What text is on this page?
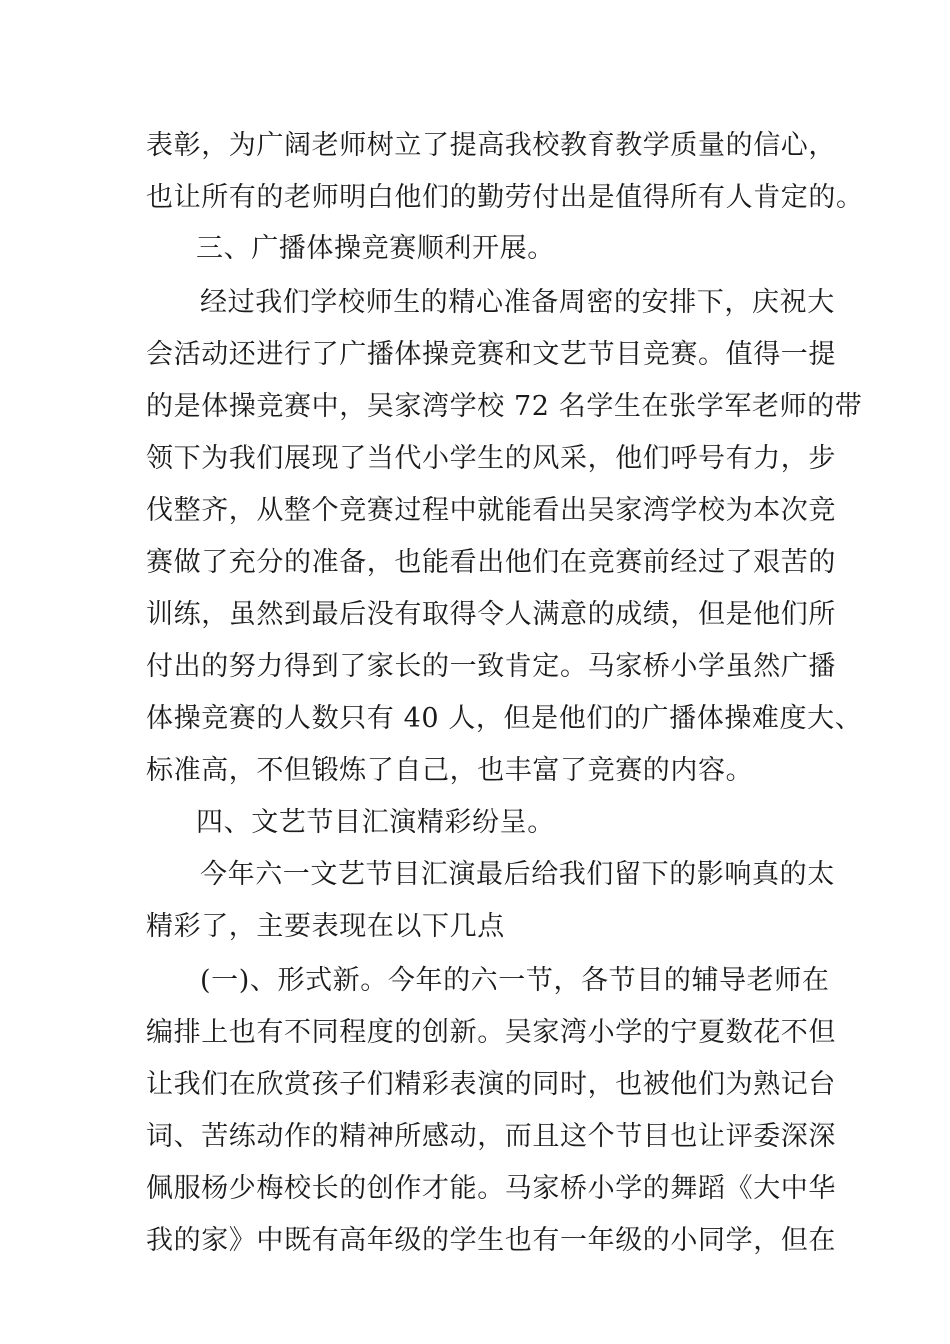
表彰，为广阔老师树立了提高我校教育教学质量的信心，

也让所有的老师明白他们的勤劳付出是值得所有人肯定的。

三、广播体操竞赛顺利开展。

经过我们学校师生的精心准备周密的安排下，庆祝大

会活动还进行了广播体操竞赛和文艺节目竞赛。值得一提

的是体操竞赛中，吴家湾学校 72 名学生在张学军老师的带

领下为我们展现了当代小学生的风采，他们呼号有力，步

伐整齐，从整个竞赛过程中就能看出吴家湾学校为本次竞

赛做了充分的准备，也能看出他们在竞赛前经过了艰苦的

训练，虽然到最后没有取得令人满意的成绩，但是他们所

付出的努力得到了家长的一致肯定。马家桥小学虽然广播

体操竞赛的人数只有 40 人，但是他们的广播体操难度大、

标准高，不但锻炼了自己，也丰富了竞赛的内容。

四、文艺节目汇演精彩纷呈。

今年六一文艺节目汇演最后给我们留下的影响真的太

精彩了，主要表现在以下几点

(一)、形式新。今年的六一节，各节目的辅导老师在

编排上也有不同程度的创新。吴家湾小学的宁夏数花不但

让我们在欣赏孩子们精彩表演的同时，也被他们为熟记台

词、苦练动作的精神所感动，而且这个节目也让评委深深

佩服杨少梅校长的创作才能。马家桥小学的舞蹈《大中华

我的家》中既有高年级的学生也有一年级的小同学，但在
